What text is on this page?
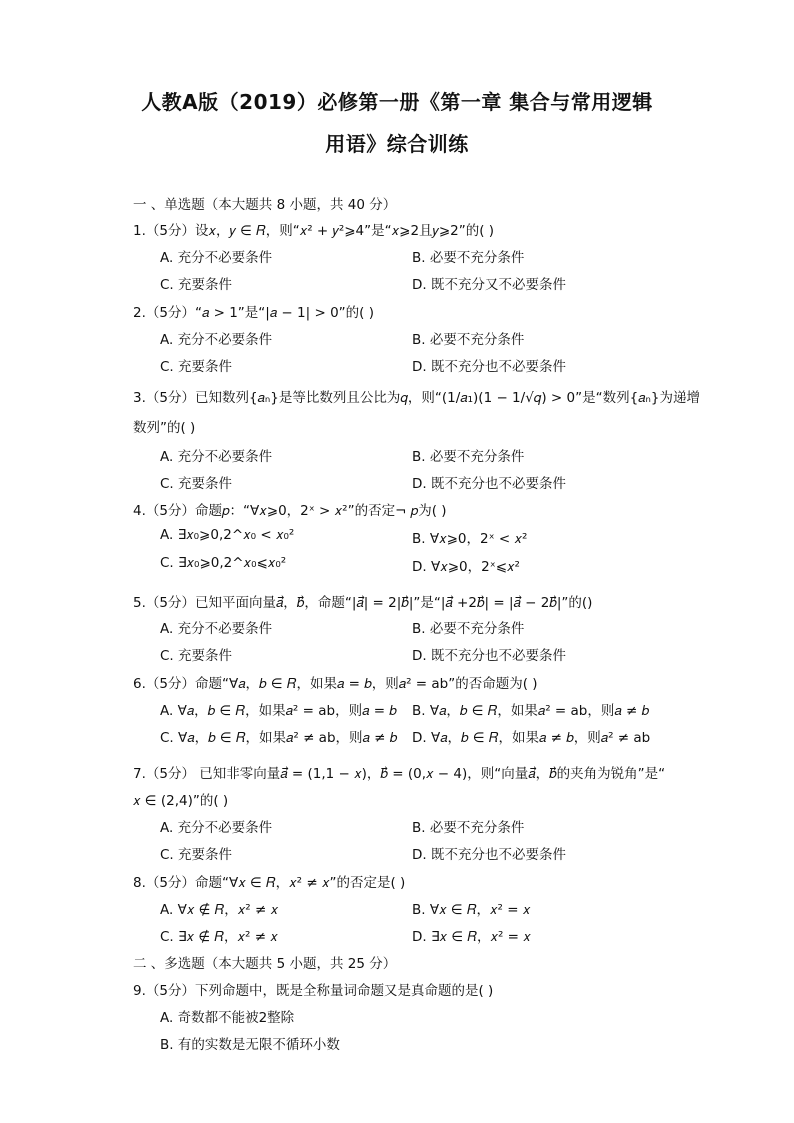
人教A版（2019）必修第一册《第一章 集合与常用逻辑
用语》综合训练
一 、单选题（本大题共 8 小题，共 40 分）
1.（5分）设𝑥，𝑦 ∈ 𝑅，则“𝑥² + 𝑦²⩾4”是“𝑥⩾2且𝑦⩾2”的( )
A. 充分不必要条件	B. 必要不充分条件
C. 充要条件	D. 既不充分又不必要条件
2.（5分）“𝑎 > 1”是“|𝑎 − 1| > 0”的( )
A. 充分不必要条件	B. 必要不充分条件
C. 充要条件	D. 既不充分也不必要条件
3.（5分）已知数列{𝑎ₙ}是等比数列且公比为𝑞，则“(1/𝑎₁)(1 − 1/√𝑞) > 0”是“数列{𝑎ₙ}为递增
数列”的( )
A. 充分不必要条件	B. 必要不充分条件
C. 充要条件	D. 既不充分也不必要条件
4.（5分）命题𝑝：“∀𝑥⩾0，2ˣ > 𝑥²”的否定¬ 𝑝为( )
A. ∃𝑥₀⩾0,2^𝑥₀ < 𝑥₀²	B. ∀𝑥⩾0，2ˣ < 𝑥²
C. ∃𝑥₀⩾0,2^𝑥₀⩽𝑥₀²	D. ∀𝑥⩾0，2ˣ⩽𝑥²
5.（5分）已知平面向量𝑎⃗，𝑏⃗，命题“|𝑎⃗| = 2|𝑏⃗|”是“|𝑎⃗ +2𝑏⃗| = |𝑎⃗ − 2𝑏⃗|”的()
A. 充分不必要条件	B. 必要不充分条件
C. 充要条件	D. 既不充分也不必要条件
6.（5分）命题“∀𝑎，𝑏 ∈ 𝑅，如果𝑎 = 𝑏，则𝑎² = ab”的否命题为( )
A. ∀𝑎，𝑏 ∈ 𝑅，如果𝑎² = ab，则𝑎 = 𝑏 B. ∀𝑎，𝑏 ∈ 𝑅，如果𝑎² = ab，则𝑎 ≠ 𝑏
C. ∀𝑎，𝑏 ∈ 𝑅，如果𝑎² ≠ ab，则𝑎 ≠ 𝑏 D. ∀𝑎，𝑏 ∈ 𝑅，如果𝑎 ≠ 𝑏，则𝑎² ≠ ab
7.（5分） 已知非零向量𝑎⃗ = (1,1 − 𝑥)，𝑏⃗ = (0,𝑥 − 4)，则“向量𝑎⃗，𝑏⃗的夹角为锐角”是“
𝑥 ∈ (2,4)”的( )
A. 充分不必要条件	B. 必要不充分条件
C. 充要条件	D. 既不充分也不必要条件
8.（5分）命题“∀𝑥 ∈ 𝑅，𝑥² ≠ 𝑥”的否定是( )
A. ∀𝑥 ∉ 𝑅，𝑥² ≠ 𝑥	B. ∀𝑥 ∈ 𝑅，𝑥² = 𝑥
C. ∃𝑥 ∉ 𝑅，𝑥² ≠ 𝑥	D. ∃𝑥 ∈ 𝑅，𝑥² = 𝑥
二 、多选题（本大题共 5 小题，共 25 分）
9.（5分）下列命题中，既是全称量词命题又是真命题的是( )
A. 奇数都不能被2整除
B. 有的实数是无限不循环小数
